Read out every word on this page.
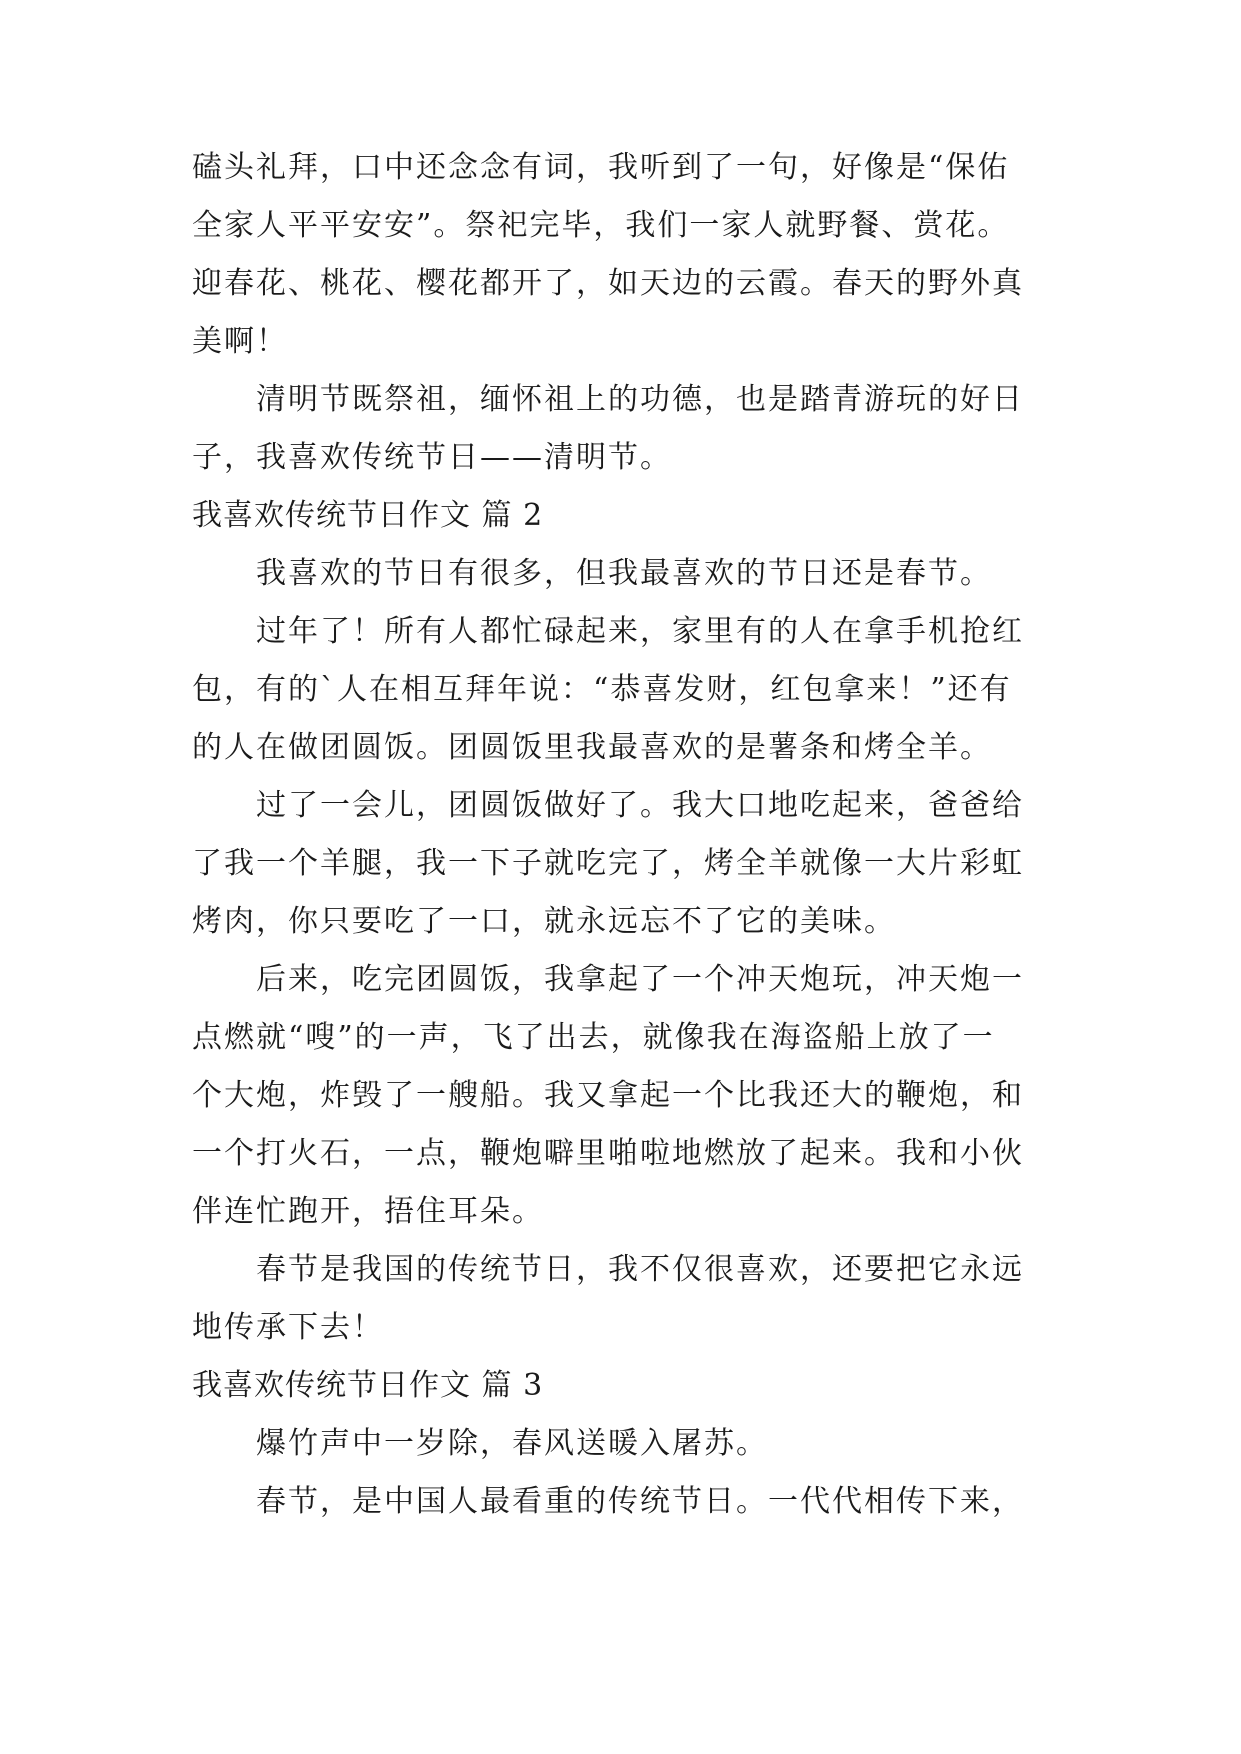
磕头礼拜，口中还念念有词，我听到了一句，好像是“保佑
全家人平平安安”。祭祀完毕，我们一家人就野餐、赏花。
迎春花、桃花、樱花都开了，如天边的云霞。春天的野外真
美啊！
清明节既祭祖，缅怀祖上的功德，也是踏青游玩的好日
子，我喜欢传统节日——清明节。
我喜欢传统节日作文 篇 2
我喜欢的节日有很多，但我最喜欢的节日还是春节。
过年了！所有人都忙碌起来，家里有的人在拿手机抢红
包，有的`人在相互拜年说：“恭喜发财，红包拿来！”还有
的人在做团圆饭。团圆饭里我最喜欢的是薯条和烤全羊。
过了一会儿，团圆饭做好了。我大口地吃起来，爸爸给
了我一个羊腿，我一下子就吃完了，烤全羊就像一大片彩虹
烤肉，你只要吃了一口，就永远忘不了它的美味。
后来，吃完团圆饭，我拿起了一个冲天炮玩，冲天炮一
点燃就“嗖”的一声，飞了出去，就像我在海盗船上放了一
个大炮，炸毁了一艘船。我又拿起一个比我还大的鞭炮，和
一个打火石，一点，鞭炮噼里啪啦地燃放了起来。我和小伙
伴连忙跑开，捂住耳朵。
春节是我国的传统节日，我不仅很喜欢，还要把它永远
地传承下去！
我喜欢传统节日作文 篇 3
爆竹声中一岁除，春风送暖入屠苏。
春节，是中国人最看重的传统节日。一代代相传下来，
